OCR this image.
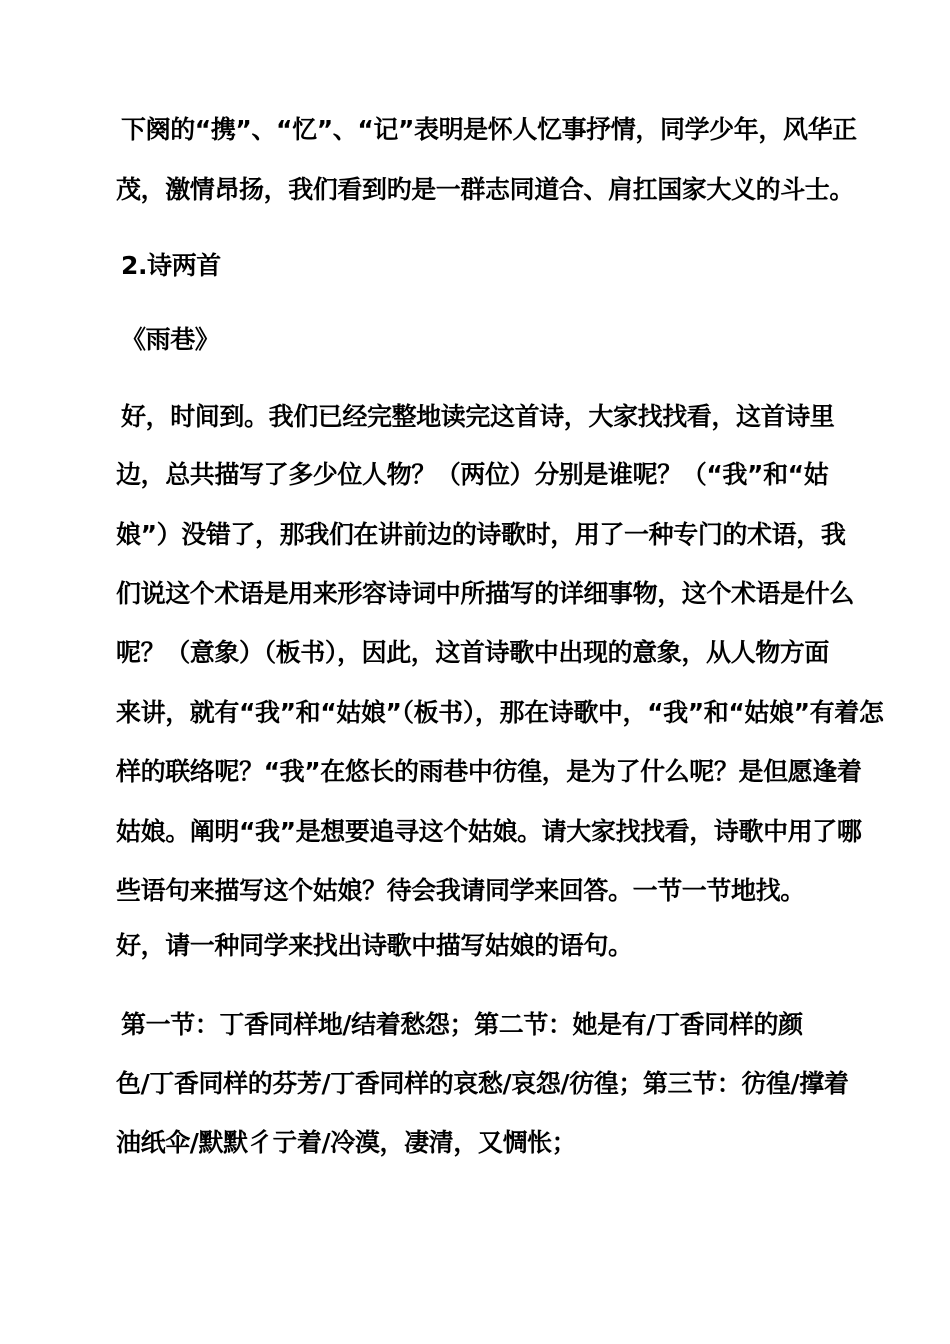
下阕的“携”、“忆”、“记”表明是怀人忆事抒情，同学少年，风华正
茂，激情昂扬，我们看到旳是一群志同道合、肩扛国家大义的斗士。
2.诗两首
《雨巷》
好，时间到。我们已经完整地读完这首诗，大家找找看，这首诗里
边，总共描写了多少位人物？（两位）分别是谁呢？（“我”和“姑
娘”）没错了，那我们在讲前边的诗歌时，用了一种专门的术语，我
们说这个术语是用来形容诗词中所描写的详细事物，这个术语是什么
呢？（意象）（板书），因此，这首诗歌中出现的意象，从人物方面
来讲，就有“我”和“姑娘”（板书），那在诗歌中，“我”和“姑娘”有着怎
样的联络呢？“我”在悠长的雨巷中彷徨，是为了什么呢？是但愿逢着
姑娘。阐明“我”是想要追寻这个姑娘。请大家找找看，诗歌中用了哪
些语句来描写这个姑娘？待会我请同学来回答。一节一节地找。
好，请一种同学来找出诗歌中描写姑娘的语句。
第一节：丁香同样地/结着愁怨；第二节：她是有/丁香同样的颜
色/丁香同样的芬芳/丁香同样的哀愁/哀怨/彷徨；第三节：彷徨/撑着
油纸伞/默默彳亍着/冷漠，凄清，又惆怅；
